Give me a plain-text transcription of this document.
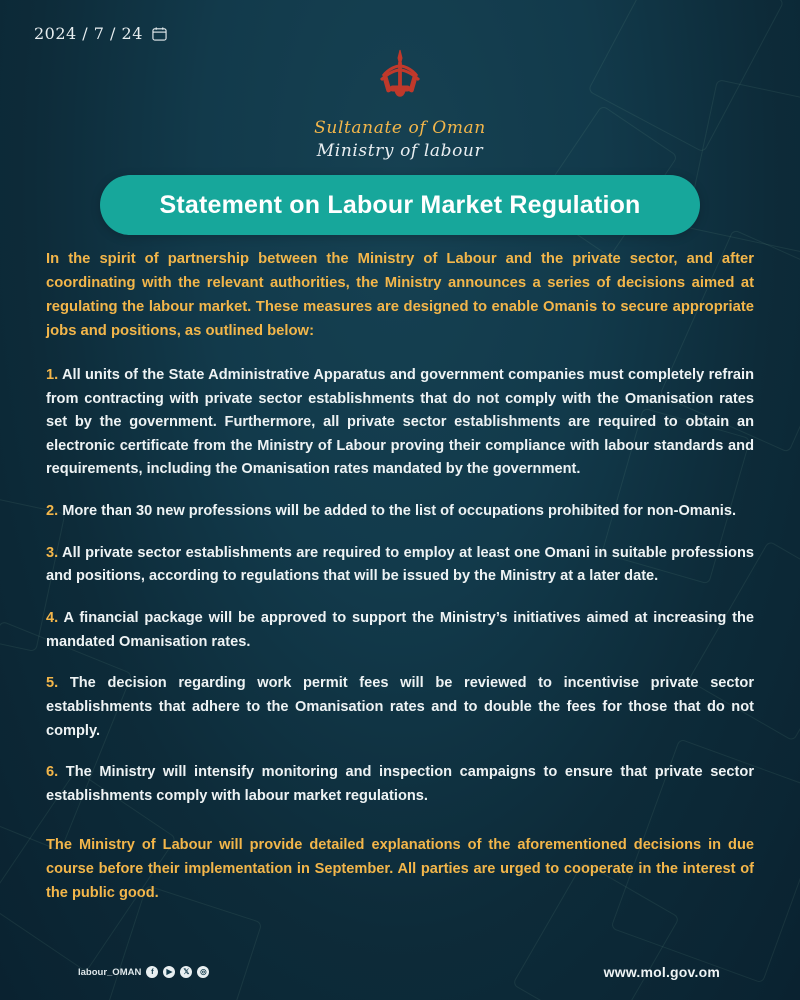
2024 / 7 / 24
Sultanate of Oman
Ministry of labour
Statement on Labour Market Regulation

In the spirit of partnership between the Ministry of Labour and the private sector, and after coordinating with the relevant authorities, the Ministry announces a series of decisions aimed at regulating the labour market. These measures are designed to enable Omanis to secure appropriate jobs and positions, as outlined below:

1. All units of the State Administrative Apparatus and government companies must completely refrain from contracting with private sector establishments that do not comply with the Omanisation rates set by the government. Furthermore, all private sector establishments are required to obtain an electronic certificate from the Ministry of Labour proving their compliance with labour standards and requirements, including the Omanisation rates mandated by the government.

2. More than 30 new professions will be added to the list of occupations prohibited for non-Omanis.

3. All private sector establishments are required to employ at least one Omani in suitable professions and positions, according to regulations that will be issued by the Ministry at a later date.

4. A financial package will be approved to support the Ministry’s initiatives aimed at increasing the mandated Omanisation rates.

5. The decision regarding work permit fees will be reviewed to incentivise private sector establishments that adhere to the Omanisation rates and to double the fees for those that do not comply.

6. The Ministry will intensify monitoring and inspection campaigns to ensure that private sector establishments comply with labour market regulations.

The Ministry of Labour will provide detailed explanations of the aforementioned decisions in due course before their implementation in September. All parties are urged to cooperate in the interest of the public good.

labour_OMAN	f	▶	𝕏	◎	www.mol.gov.om
